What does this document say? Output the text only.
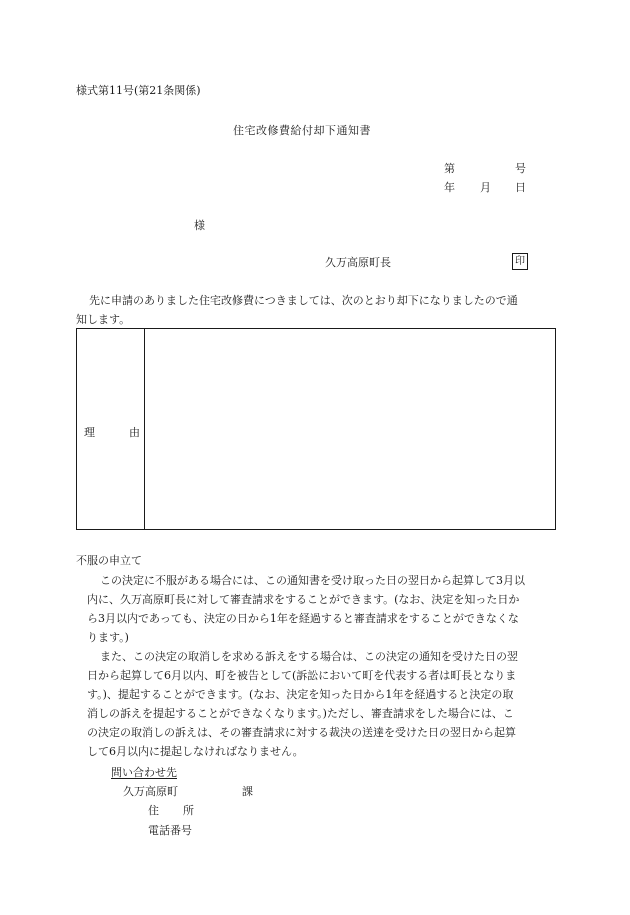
様式第11号(第21条関係)
住宅改修費給付却下通知書
第	号
年 月 日
様
久万高原町長	印
先に申請のありました住宅改修費につきましては、次のとおり却下になりましたので通
知します。
理	由
不服の申立て
この決定に不服がある場合には、この通知書を受け取った日の翌日から起算して3月以
内に、久万高原町長に対して審査請求をすることができます。(なお、決定を知った日か
ら3月以内であっても、決定の日から1年を経過すると審査請求をすることができなくな
ります。)
また、この決定の取消しを求める訴えをする場合は、この決定の通知を受けた日の翌
日から起算して6月以内、町を被告として(訴訟において町を代表する者は町長となりま
す。)、提起することができます。(なお、決定を知った日から1年を経過すると決定の取
消しの訴えを提起することができなくなります。)ただし、審査請求をした場合には、こ
の決定の取消しの訴えは、その審査請求に対する裁決の送達を受けた日の翌日から起算
して6月以内に提起しなければなりません。
問い合わせ先
久万高原町	課
住 所
電話番号
